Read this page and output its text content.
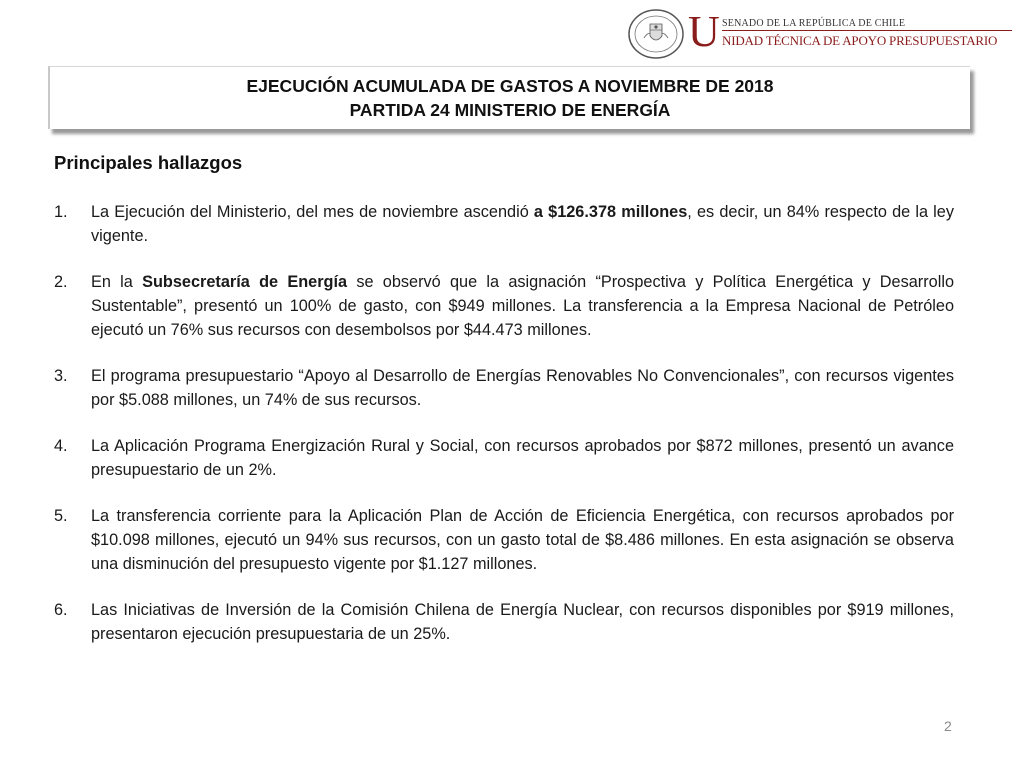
U SENADO DE LA REPÚBLICA DE CHILE
NIDAD TÉCNICA DE APOYO PRESUPUESTARIO
EJECUCIÓN ACUMULADA DE GASTOS A NOVIEMBRE DE 2018
PARTIDA 24 MINISTERIO DE ENERGÍA
Principales hallazgos
1. La Ejecución del Ministerio, del mes de noviembre ascendió a $126.378 millones, es decir, un 84% respecto de la ley vigente.
2. En la Subsecretaría de Energía se observó que la asignación “Prospectiva y Política Energética y Desarrollo Sustentable”, presentó un 100% de gasto, con $949 millones. La transferencia a la Empresa Nacional de Petróleo ejecutó un 76% sus recursos con desembolsos por $44.473 millones.
3. El programa presupuestario “Apoyo al Desarrollo de Energías Renovables No Convencionales”, con recursos vigentes por $5.088 millones, un 74% de sus recursos.
4. La Aplicación Programa Energización Rural y Social, con recursos aprobados por $872 millones, presentó un avance presupuestario de un 2%.
5. La transferencia corriente para la Aplicación Plan de Acción de Eficiencia Energética, con recursos aprobados por $10.098 millones, ejecutó un 94% sus recursos, con un gasto total de $8.486 millones. En esta asignación se observa una disminución del presupuesto vigente por $1.127 millones.
6. Las Iniciativas de Inversión de la Comisión Chilena de Energía Nuclear, con recursos disponibles por $919 millones, presentaron ejecución presupuestaria de un 25%.
2
